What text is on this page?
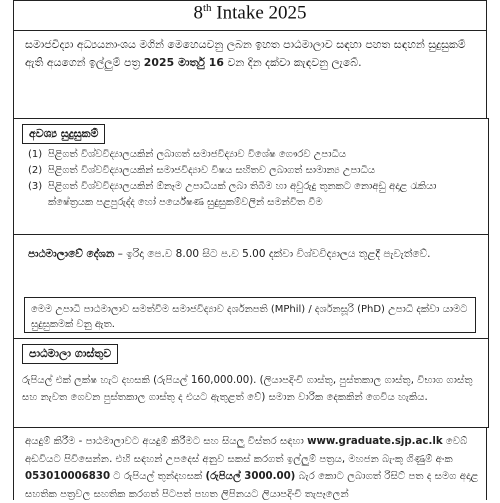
8th Intake 2025
සමාජවිද්‍යා අධ්‍යයනාංශය මගින් මෙහෙයවනු ලබන ඉහත පාඨමාලාව සඳහා පහත සඳහන් සුදුසුකම් ඇති අයගෙන් ඉල්ලුම් පත්‍ර 2025 මාර්තු 16 වන දින දක්වා කැඳවනු ලැබේ.
අවශ්‍ය සුදුසුකම්
(1) පිළිගත් විශ්වවිද්‍යාලයකින් ලබාගත් සමාජවිද්‍යාව විශේෂ ගෞරව උපාධිය
(2) පිළිගත් විශ්වවිද්‍යාලයකින් සමාජවිද්‍යාව විෂය සහිතව ලබාගත් සාමාන්‍ය උපාධිය
(3) පිළිගත් විශ්වවිද්‍යාලයකින් ඕනෑම උපාධියක් ලබා තිබීම හා අවුරුදු තුනකට නොඅඩු අදාළ රැකියා ක්ෂේත්‍රයක පළපුරුද්ද හෝ පර්යේෂණ සුදුසුකම්වලින් සමන්විත වීම
පාඨමාලාවේ දේශන – ඉරිදා පෙ.ව 8.00 සිට ප.ව 5.00 දක්වා විශ්වවිද්‍යාලය තුළදී පැවැත්වේ.
මෙම උපාධි පාඨමාලාව සමත්වීම සමාජවිද්‍යාව දර්ශනපති (MPhil) / දර්ශනසූරි (PhD) උපාධි දක්වා යාමට සුදුසුකමක් වනු ඇත.
පාඨමාලා ගාස්තුව
රුපියල් එක් ලක්ෂ හැට දහසකි (රුපියල් 160,000.00). (ලියාපදිංචි ගාස්තු, පුස්තකාල ගාස්තු, විභාග ගාස්තු සහ නැවත ගෙවන පුස්තකාල ගාස්තු ද එයට ඇතුළත් වේ) සමාන වාරික දෙකකින් ගෙවිය හැකිය.
අයදුම් කිරීම - පාඨමාලාවට අයදුම් කිරීමට සහ සියලු විස්තර සඳහා www.graduate.sjp.ac.lk වෙබ් අඩවියට පිවිසෙන්න. එහි සඳහන් උපදෙස් අනුව සකස් කරගත් ඉල්ලුම් පත්‍රය, මහජන බැංකු ගිණුම් අංක 053010006830 ට රුපියල් තුන්දහසක් (රුපියල් 3000.00) බැර කොට ලබාගත් රිසිට් පත ද සමග අදාළ සහතික පත්‍රවල සහතික කරගත් පිටපත් පහත ලිපිනයට ලියාපදිංචි තැපෑලෙන්
